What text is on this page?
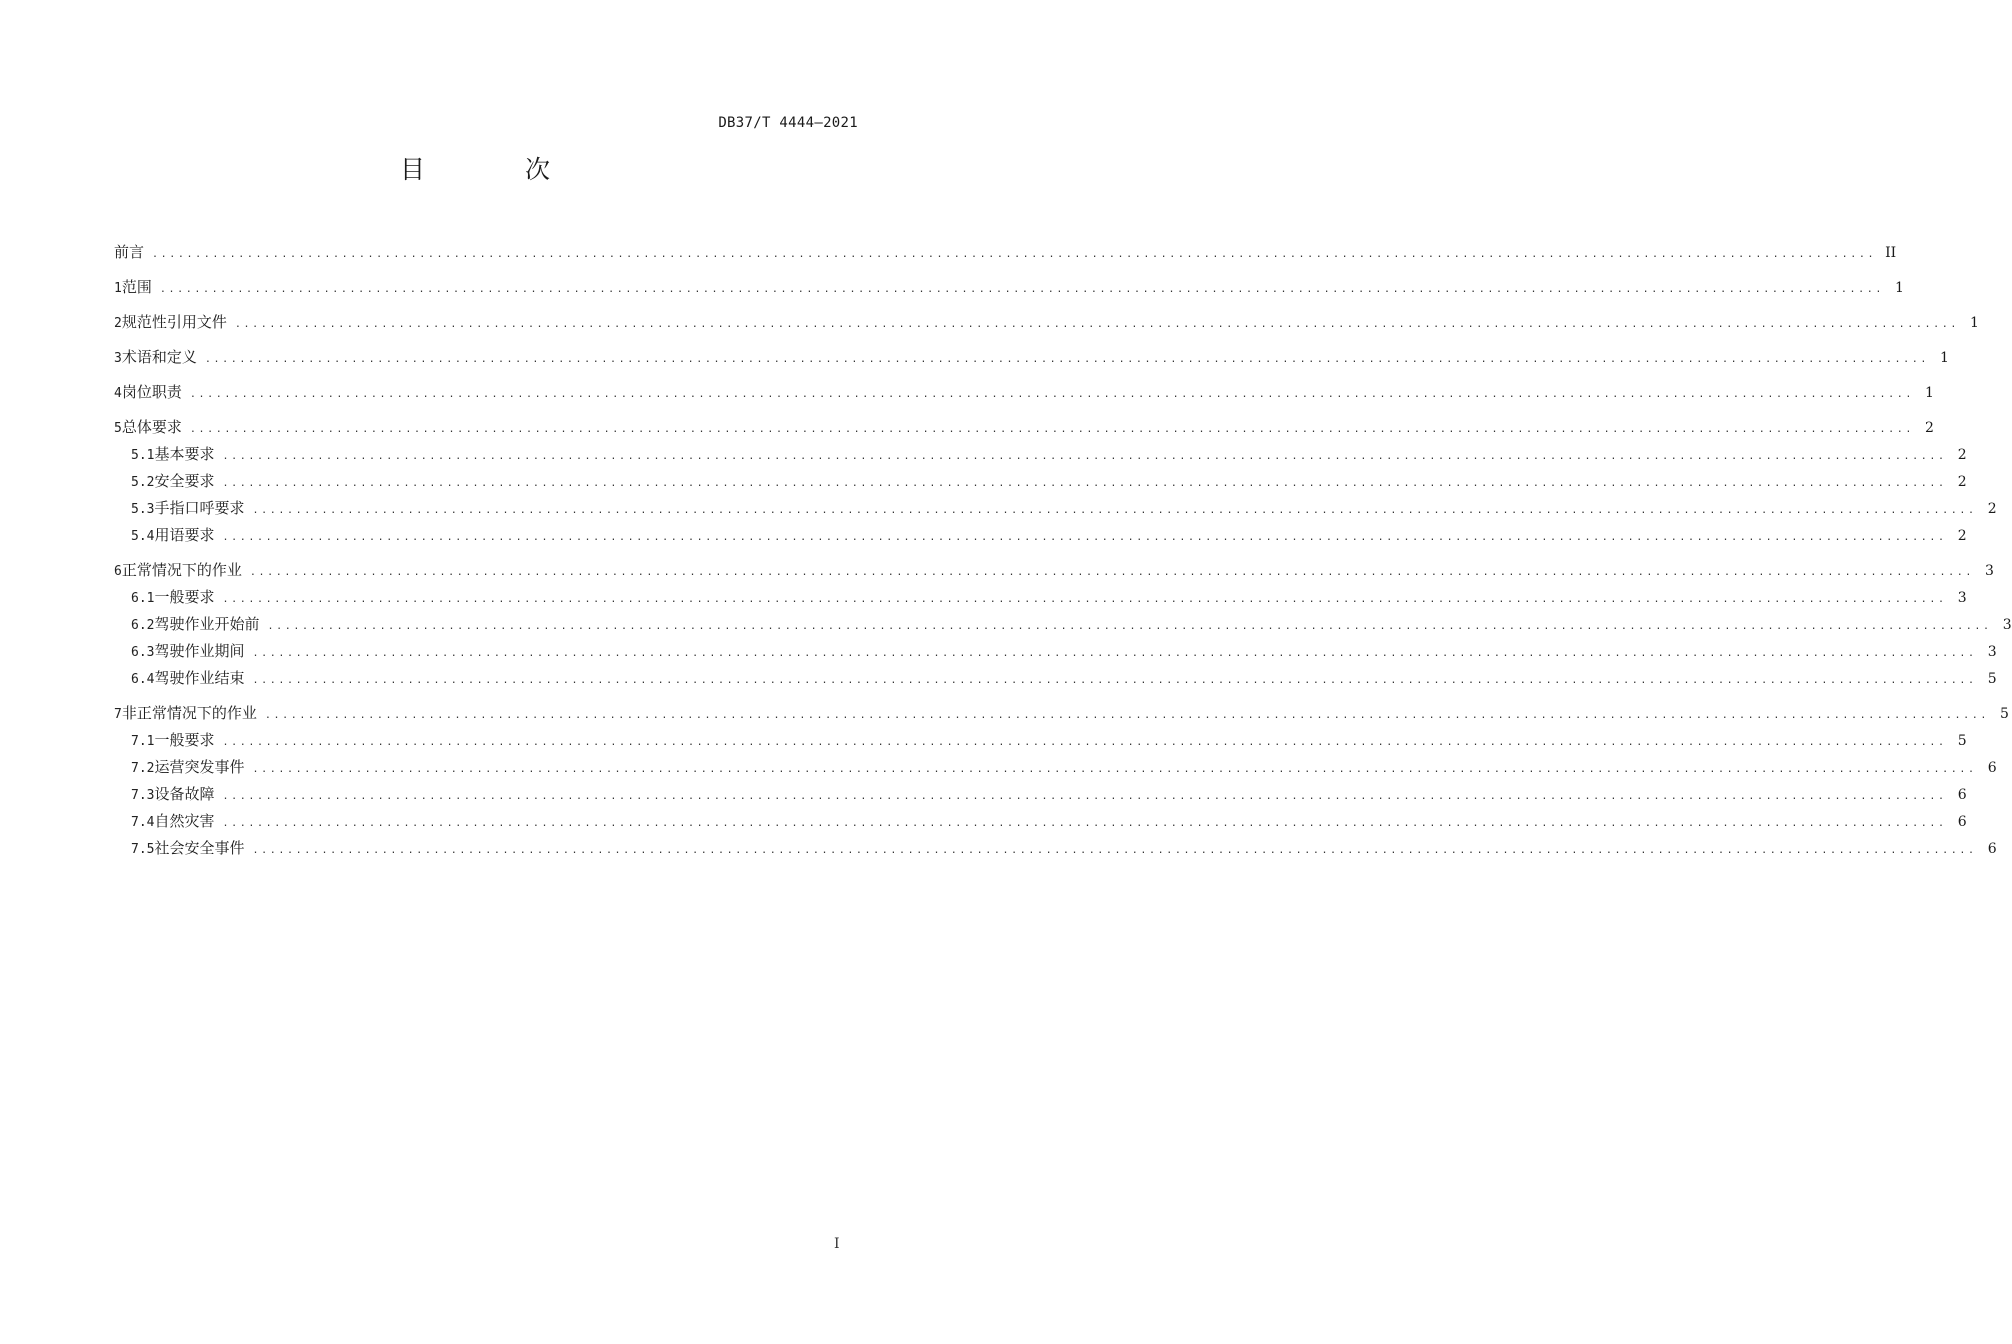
DB37/T 4444—2021
目 次
前言 ........................................................................................................................................................................................................ II
1 范围 ........................................................................................................................................................................................................ 1
2 规范性引用文件 ........................................................................................................................................................................................................ 1
3 术语和定义 ........................................................................................................................................................................................................ 1
4 岗位职责 ........................................................................................................................................................................................................ 1
5 总体要求 ........................................................................................................................................................................................................ 2
5.1 基本要求 ........................................................................................................................................................................................................ 2
5.2 安全要求 ........................................................................................................................................................................................................ 2
5.3 手指口呼要求 ........................................................................................................................................................................................................ 2
5.4 用语要求 ........................................................................................................................................................................................................ 2
6 正常情况下的作业 ........................................................................................................................................................................................................ 3
6.1 一般要求 ........................................................................................................................................................................................................ 3
6.2 驾驶作业开始前 ........................................................................................................................................................................................................ 3
6.3 驾驶作业期间 ........................................................................................................................................................................................................ 3
6.4 驾驶作业结束 ........................................................................................................................................................................................................ 5
7 非正常情况下的作业 ........................................................................................................................................................................................................ 5
7.1 一般要求 ........................................................................................................................................................................................................ 5
7.2 运营突发事件 ........................................................................................................................................................................................................ 6
7.3 设备故障 ........................................................................................................................................................................................................ 6
7.4 自然灾害 ........................................................................................................................................................................................................ 6
7.5 社会安全事件 ........................................................................................................................................................................................................ 6
I
